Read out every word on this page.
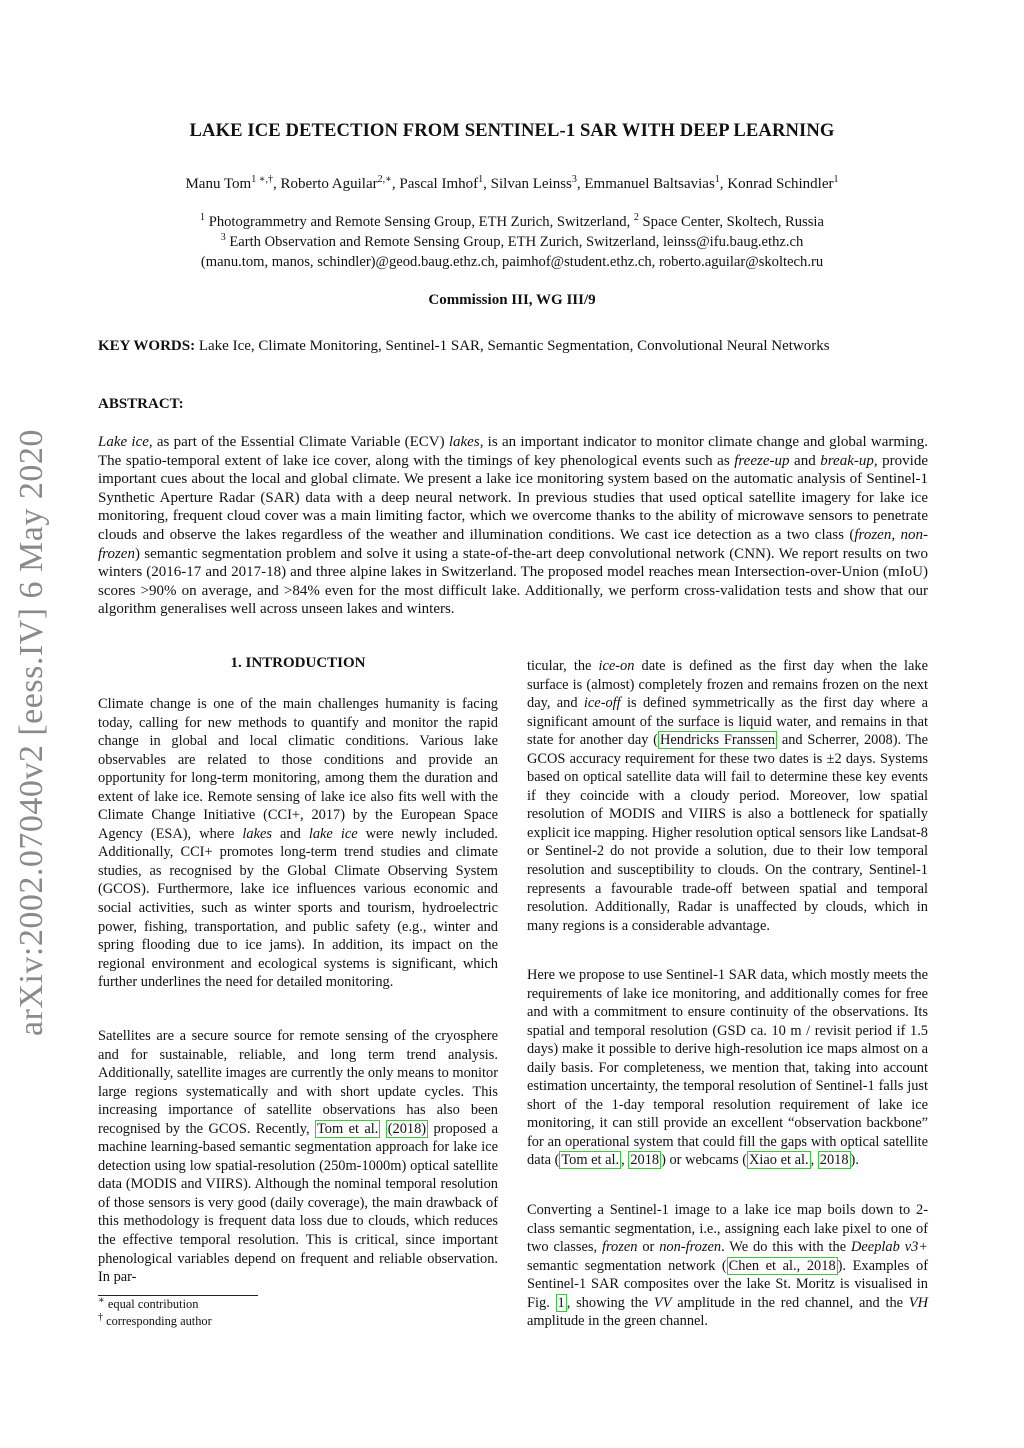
arXiv:2002.07040v2 [eess.IV] 6 May 2020
LAKE ICE DETECTION FROM SENTINEL-1 SAR WITH DEEP LEARNING
Manu Tom$^{1 ∗,\dagger}$, Roberto Aguilar$^{2,∗}$, Pascal Imhof$^1$, Silvan Leinss$^3$, Emmanuel Baltsavias$^1$, Konrad Schindler$^1$
$^1$ Photogrammetry and Remote Sensing Group, ETH Zurich, Switzerland, $^2$ Space Center, Skoltech, Russia
$^3$ Earth Observation and Remote Sensing Group, ETH Zurich, Switzerland, leinss@ifu.baug.ethz.ch
(manu.tom, manos, schindler)@geod.baug.ethz.ch, paimhof@student.ethz.ch, roberto.aguilar@skoltech.ru
Commission III, WG III/9
KEY WORDS: Lake Ice, Climate Monitoring, Sentinel-1 SAR, Semantic Segmentation, Convolutional Neural Networks
ABSTRACT:
Lake ice, as part of the Essential Climate Variable (ECV) lakes, is an important indicator to monitor climate change and global warming. The spatio-temporal extent of lake ice cover, along with the timings of key phenological events such as freeze-up and break-up, provide important cues about the local and global climate. We present a lake ice monitoring system based on the automatic analysis of Sentinel-1 Synthetic Aperture Radar (SAR) data with a deep neural network. In previous studies that used optical satellite imagery for lake ice monitoring, frequent cloud cover was a main limiting factor, which we overcome thanks to the ability of microwave sensors to penetrate clouds and observe the lakes regardless of the weather and illumination conditions. We cast ice detection as a two class (frozen, non-frozen) semantic segmentation problem and solve it using a state-of-the-art deep convolutional network (CNN). We report results on two winters (2016-17 and 2017-18) and three alpine lakes in Switzerland. The proposed model reaches mean Intersection-over-Union (mIoU) scores >90% on average, and >84% even for the most difficult lake. Additionally, we perform cross-validation tests and show that our algorithm generalises well across unseen lakes and winters.
1. INTRODUCTION
Climate change is one of the main challenges humanity is facing today, calling for new methods to quantify and monitor the rapid change in global and local climatic conditions. Various lake observables are related to those conditions and provide an opportunity for long-term monitoring, among them the duration and extent of lake ice. Remote sensing of lake ice also fits well with the Climate Change Initiative (CCI+, 2017) by the European Space Agency (ESA), where lakes and lake ice were newly included. Additionally, CCI+ promotes long-term trend studies and climate studies, as recognised by the Global Climate Observing System (GCOS). Furthermore, lake ice influences various economic and social activities, such as winter sports and tourism, hydroelectric power, fishing, transportation, and public safety (e.g., winter and spring flooding due to ice jams). In addition, its impact on the regional environment and ecological systems is significant, which further underlines the need for detailed monitoring.
Satellites are a secure source for remote sensing of the cryosphere and for sustainable, reliable, and long term trend analysis. Additionally, satellite images are currently the only means to monitor large regions systematically and with short update cycles. This increasing importance of satellite observations has also been recognised by the GCOS. Recently, Tom et al. (2018) proposed a machine learning-based semantic segmentation approach for lake ice detection using low spatial-resolution (250m-1000m) optical satellite data (MODIS and VIIRS). Although the nominal temporal resolution of those sensors is very good (daily coverage), the main drawback of this methodology is frequent data loss due to clouds, which reduces the effective temporal resolution. This is critical, since important phenological variables depend on frequent and reliable observation. In par-
∗ equal contribution
† corresponding author
ticular, the ice-on date is defined as the first day when the lake surface is (almost) completely frozen and remains frozen on the next day, and ice-off is defined symmetrically as the first day where a significant amount of the surface is liquid water, and remains in that state for another day ( Hendricks Franssen and Scherrer, 2008). The GCOS accuracy requirement for these two dates is ±2 days. Systems based on optical satellite data will fail to determine these key events if they coincide with a cloudy period. Moreover, low spatial resolution of MODIS and VIIRS is also a bottleneck for spatially explicit ice mapping. Higher resolution optical sensors like Landsat-8 or Sentinel-2 do not provide a solution, due to their low temporal resolution and susceptibility to clouds. On the contrary, Sentinel-1 represents a favourable trade-off between spatial and temporal resolution. Additionally, Radar is unaffected by clouds, which in many regions is a considerable advantage.
Here we propose to use Sentinel-1 SAR data, which mostly meets the requirements of lake ice monitoring, and additionally comes for free and with a commitment to ensure continuity of the observations. Its spatial and temporal resolution (GSD ca. 10 m / revisit period if 1.5 days) make it possible to derive high-resolution ice maps almost on a daily basis. For completeness, we mention that, taking into account estimation uncertainty, the temporal resolution of Sentinel-1 falls just short of the 1-day temporal resolution requirement of lake ice monitoring, it can still provide an excellent “observation backbone” for an operational system that could fill the gaps with optical satellite data ( Tom et al. , 2018 ) or webcams ( Xiao et al. , 2018 ).
Converting a Sentinel-1 image to a lake ice map boils down to 2-class semantic segmentation, i.e., assigning each lake pixel to one of two classes, frozen or non-frozen. We do this with the Deeplab v3+ semantic segmentation network ( Chen et al., 2018 ). Examples of Sentinel-1 SAR composites over the lake St. Moritz is visualised in Fig. 1 , showing the VV amplitude in the red channel, and the VH amplitude in the green channel.
